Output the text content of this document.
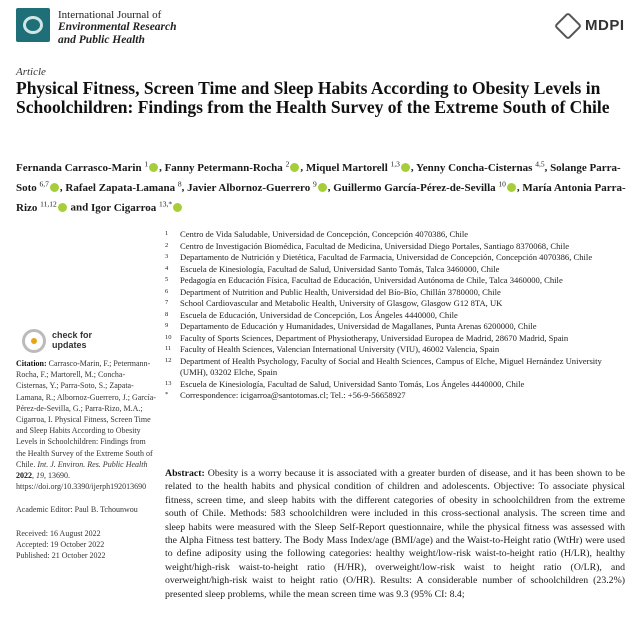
International Journal of
Environmental Research
and Public Health
MDPI
Article
Physical Fitness, Screen Time and Sleep Habits According to Obesity Levels in Schoolchildren: Findings from the Health Survey of the Extreme South of Chile
Fernanda Carrasco-Marin $^1$ , Fanny Petermann-Rocha $^2$ , Miquel Martorell $^{1,3}$ , Yenny Concha-Cisternas $^{4,5}$, Solange Parra-Soto $^{6,7}$ , Rafael Zapata-Lamana $^8$, Javier Albornoz-Guerrero $^9$ , Guillermo García-Pérez-de-Sevilla $^{10}$ , María Antonia Parra-Rizo $^{11,12}$ and Igor Cigarroa $^{13,*}$
1 Centro de Vida Saludable, Universidad de Concepción, Concepción 4070386, Chile
2 Centro de Investigación Biomédica, Facultad de Medicina, Universidad Diego Portales, Santiago 8370068, Chile
3 Departamento de Nutrición y Dietética, Facultad de Farmacia, Universidad de Concepción, Concepción 4070386, Chile
4 Escuela de Kinesiología, Facultad de Salud, Universidad Santo Tomás, Talca 3460000, Chile
5 Pedagogía en Educación Física, Facultad de Educación, Universidad Autónoma de Chile, Talca 3460000, Chile
6 Department of Nutrition and Public Health, Universidad del Bío-Bío, Chillán 3780000, Chile
7 School Cardiovascular and Metabolic Health, University of Glasgow, Glasgow G12 8TA, UK
8 Escuela de Educación, Universidad de Concepción, Los Ángeles 4440000, Chile
9 Departamento de Educación y Humanidades, Universidad de Magallanes, Punta Arenas 6200000, Chile
10 Faculty of Sports Sciences, Department of Physiotherapy, Universidad Europea de Madrid, 28670 Madrid, Spain
11 Faculty of Health Sciences, Valencian International University (VIU), 46002 Valencia, Spain
12 Department of Health Psychology, Faculty of Social and Health Sciences, Campus of Elche, Miguel Hernández University (UMH), 03202 Elche, Spain
13 Escuela de Kinesiología, Facultad de Salud, Universidad Santo Tomás, Los Ángeles 4440000, Chile
* Correspondence: icigarroa@santotomas.cl; Tel.: +56-9-56658927
check for
updates
Citation: Carrasco-Marin, F.; Petermann-Rocha, F.; Martorell, M.; Concha-Cisternas, Y.; Parra-Soto, S.; Zapata-Lamana, R.; Albornoz-Guerrero, J.; García-Pérez-de-Sevilla, G.; Parra-Rizo, M.A.; Cigarroa, I. Physical Fitness, Screen Time and Sleep Habits According to Obesity Levels in Schoolchildren: Findings from the Health Survey of the Extreme South of Chile. Int. J. Environ. Res. Public Health 2022, 19, 13690. https://doi.org/10.3390/ijerph192013690
Academic Editor: Paul B. Tchounwou
Received: 16 August 2022
Accepted: 19 October 2022
Published: 21 October 2022
Abstract: Obesity is a worry because it is associated with a greater burden of disease, and it has been shown to be related to the health habits and physical condition of children and adolescents. Objective: To associate physical fitness, screen time, and sleep habits with the different categories of obesity in schoolchildren from the extreme south of Chile. Methods: 583 schoolchildren were included in this cross-sectional analysis. The screen time and sleep habits were measured with the Sleep Self-Report questionnaire, while the physical fitness was assessed with the Alpha Fitness test battery. The Body Mass Index/age (BMI/age) and the Waist-to-Height ratio (WtHr) were used to define adiposity using the following categories: healthy weight/low-risk waist-to-height ratio (H/LR), healthy weight/high-risk waist-to-height ratio (H/HR), overweight/low-risk waist to height ratio (O/LR), and overweight/high-risk waist to height ratio (O/HR). Results: A considerable number of schoolchildren (23.2%) presented sleep problems, while the mean screen time was 9.3 (95% CI: 8.4;
